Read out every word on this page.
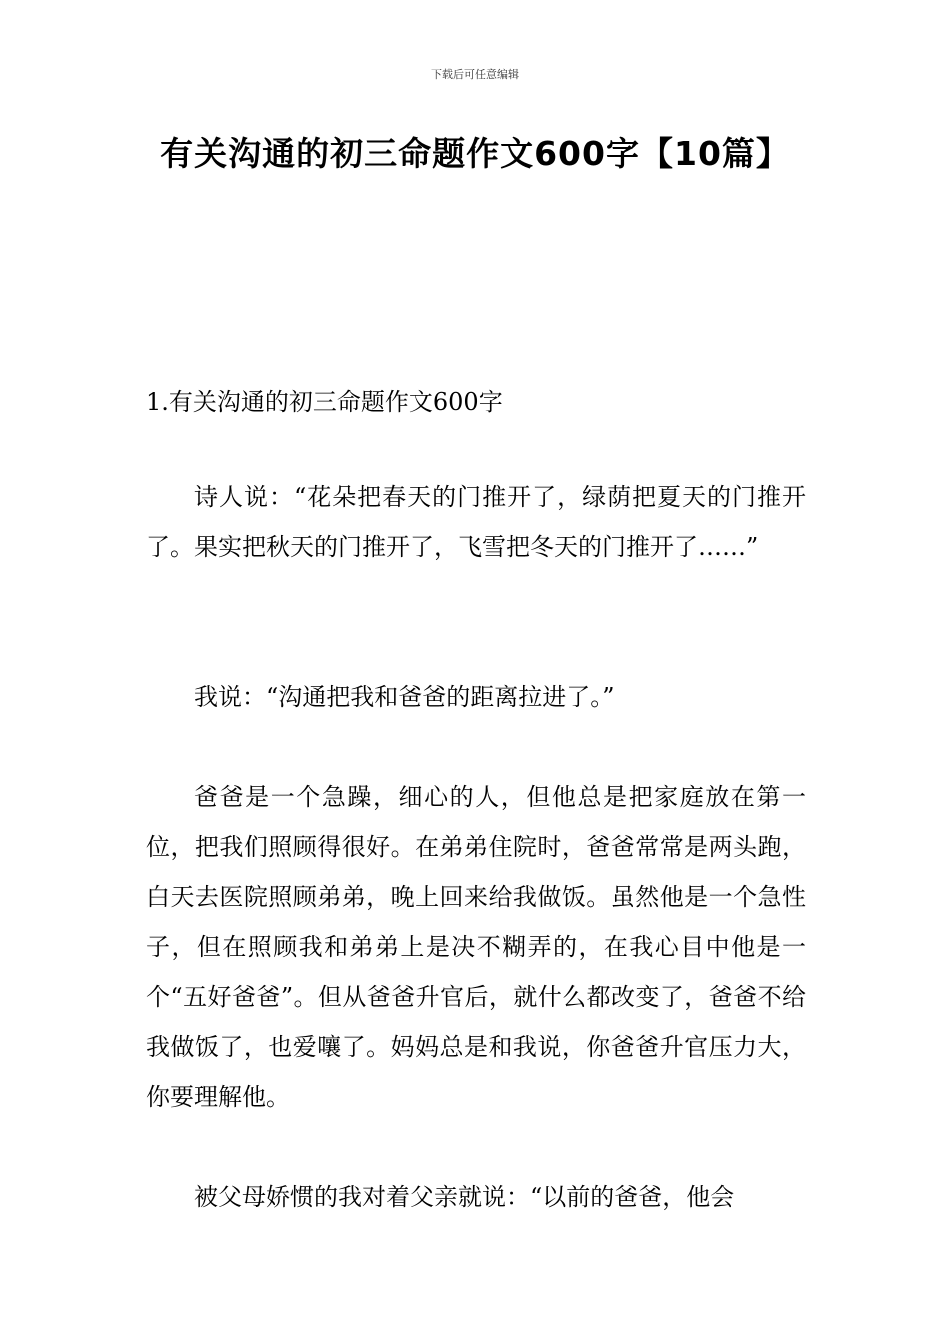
下载后可任意编辑
有关沟通的初三命题作文600字【10篇】
1.有关沟通的初三命题作文600字

诗人说：“花朵把春天的门推开了，绿荫把夏天的门推开了。果实把秋天的门推开了，飞雪把冬天的门推开了……”

我说：“沟通把我和爸爸的距离拉进了。”

爸爸是一个急躁，细心的人，但他总是把家庭放在第一位，把我们照顾得很好。在弟弟住院时，爸爸常常是两头跑，白天去医院照顾弟弟，晚上回来给我做饭。虽然他是一个急性子，但在照顾我和弟弟上是决不糊弄的，在我心目中他是一个“五好爸爸”。但从爸爸升官后，就什么都改变了，爸爸不给我做饭了，也爱嚷了。妈妈总是和我说，你爸爸升官压力大，你要理解他。

被父母娇惯的我对着父亲就说：“以前的爸爸，他会
